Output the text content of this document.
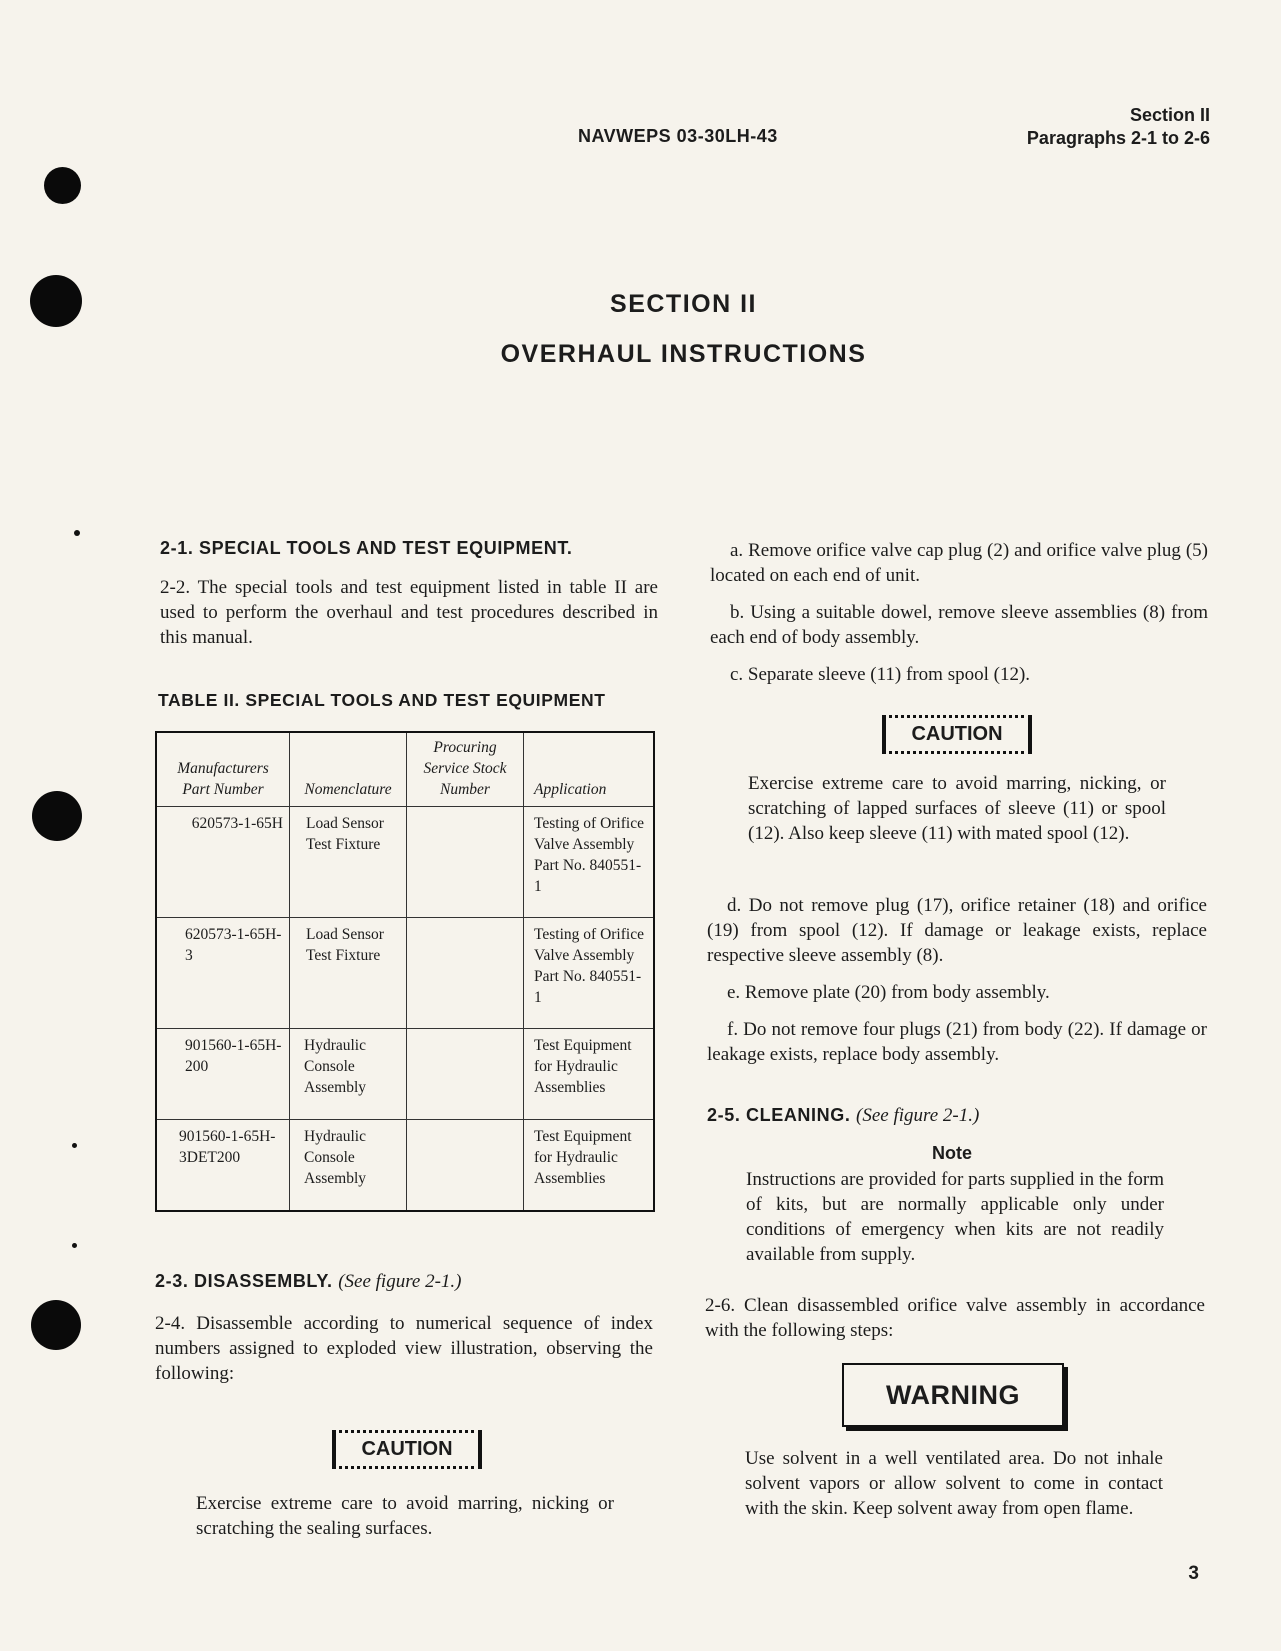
NAVWEPS 03-30LH-43
Section II
Paragraphs 2-1 to 2-6
SECTION II
OVERHAUL INSTRUCTIONS
2-1. SPECIAL TOOLS AND TEST EQUIPMENT.
2-2. The special tools and test equipment listed in table II are used to perform the overhaul and test procedures described in this manual.
TABLE II. SPECIAL TOOLS AND TEST EQUIPMENT
Manufacturers Part Number	Nomenclature	Procuring Service Stock Number	Application
620573-1-65H	Load Sensor Test Fixture		Testing of Orifice Valve Assembly Part No. 840551-1
620573-1-65H-3	Load Sensor Test Fixture		Testing of Orifice Valve Assembly Part No. 840551-1
901560-1-65H-200	Hydraulic Console Assembly		Test Equipment for Hydraulic Assemblies
901560-1-65H-3DET200	Hydraulic Console Assembly		Test Equipment for Hydraulic Assemblies
2-3. DISASSEMBLY. (See figure 2-1.)
2-4. Disassemble according to numerical sequence of index numbers assigned to exploded view illustration, observing the following:
CAUTION
Exercise extreme care to avoid marring, nicking or scratching the sealing surfaces.
a. Remove orifice valve cap plug (2) and orifice valve plug (5) located on each end of unit.
b. Using a suitable dowel, remove sleeve assemblies (8) from each end of body assembly.
c. Separate sleeve (11) from spool (12).
CAUTION
Exercise extreme care to avoid marring, nicking, or scratching of lapped surfaces of sleeve (11) or spool (12). Also keep sleeve (11) with mated spool (12).
d. Do not remove plug (17), orifice retainer (18) and orifice (19) from spool (12). If damage or leakage exists, replace respective sleeve assembly (8).
e. Remove plate (20) from body assembly.
f. Do not remove four plugs (21) from body (22). If damage or leakage exists, replace body assembly.
2-5. CLEANING. (See figure 2-1.)
Note
Instructions are provided for parts supplied in the form of kits, but are normally applicable only under conditions of emergency when kits are not readily available from supply.
2-6. Clean disassembled orifice valve assembly in accordance with the following steps:
WARNING
Use solvent in a well ventilated area. Do not inhale solvent vapors or allow solvent to come in contact with the skin. Keep solvent away from open flame.
3
